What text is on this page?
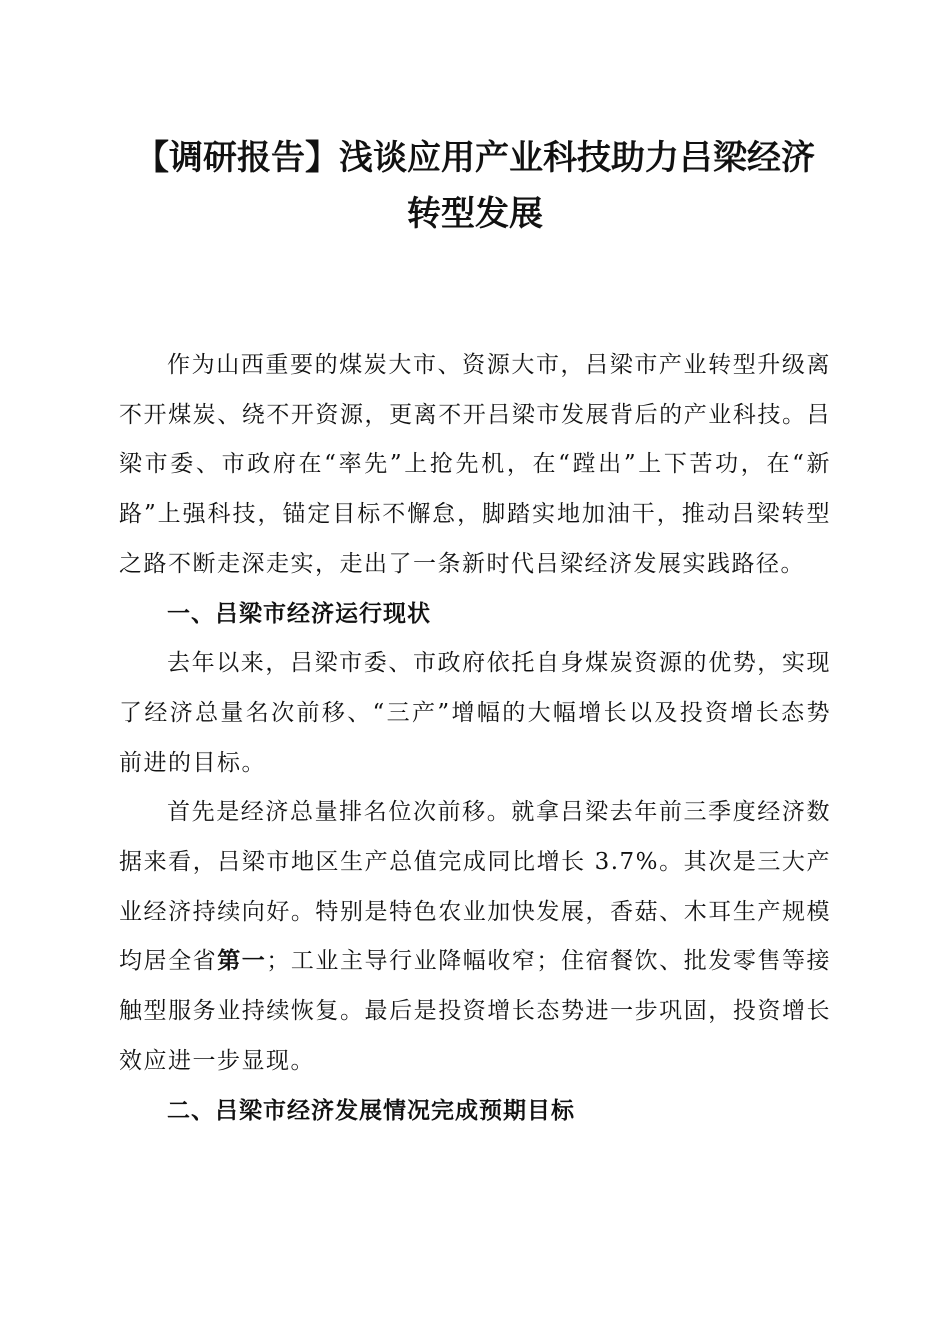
【调研报告】浅谈应用产业科技助力吕梁经济
转型发展

作为山西重要的煤炭大市、资源大市，吕梁市产业转型升级离不开煤炭、绕不开资源，更离不开吕梁市发展背后的产业科技。吕梁市委、市政府在“率先”上抢先机，在“蹚出”上下苦功，在“新路”上强科技，锚定目标不懈怠，脚踏实地加油干，推动吕梁转型之路不断走深走实，走出了一条新时代吕梁经济发展实践路径。

一、吕梁市经济运行现状

去年以来，吕梁市委、市政府依托自身煤炭资源的优势，实现了经济总量名次前移、“三产”增幅的大幅增长以及投资增长态势前进的目标。

首先是经济总量排名位次前移。就拿吕梁去年前三季度经济数据来看，吕梁市地区生产总值完成同比增长 3.7%。其次是三大产业经济持续向好。特别是特色农业加快发展，香菇、木耳生产规模均居全省第一；工业主导行业降幅收窄；住宿餐饮、批发零售等接触型服务业持续恢复。最后是投资增长态势进一步巩固，投资增长效应进一步显现。

二、吕梁市经济发展情况完成预期目标
